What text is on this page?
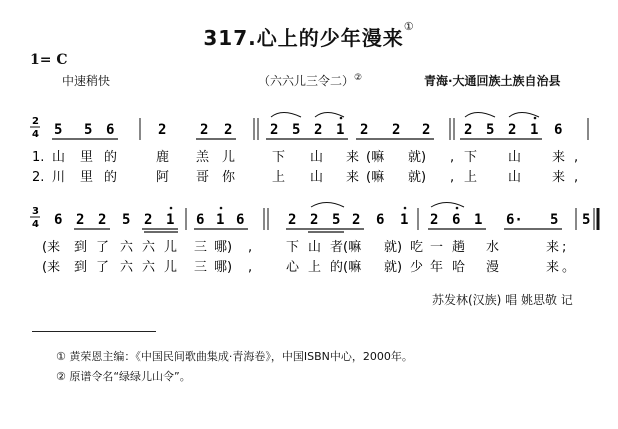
317.心上的少年漫来①
1= C
中速稍快	（六六儿三令二）②	青海·大通回族土族自治县
2
4 5 5 6	2 2 2	2 5 2 1 2 2 2 2 5 2 1 6
1. 山 里 的	鹿 羔 儿	下 山 来 (嘛 就) , 下 山 来 ,
2. 川 里 的	阿 哥 你	上 山 来 (嘛 就) , 上 山 来 ,
3
4 6 2 2 5 2 1 6 1 6	2 2 5 2 6 1 2 6 1 6· 5 5
(来 到 了 六 六 儿 三 哪) ,	下 山 者(嘛 就) 吃 一 趟 水	来 ;
(来 到 了 六 六 儿 三 哪) ,	心 上 的(嘛 就) 少 年 哈 漫	来 。
苏发林(汉族) 唱 姚思敬 记
① 黄荣恩主编：《中国民间歌曲集成·青海卷》，中国ISBN中心，2000年。
② 原谱令名“绿绿儿山令”。
